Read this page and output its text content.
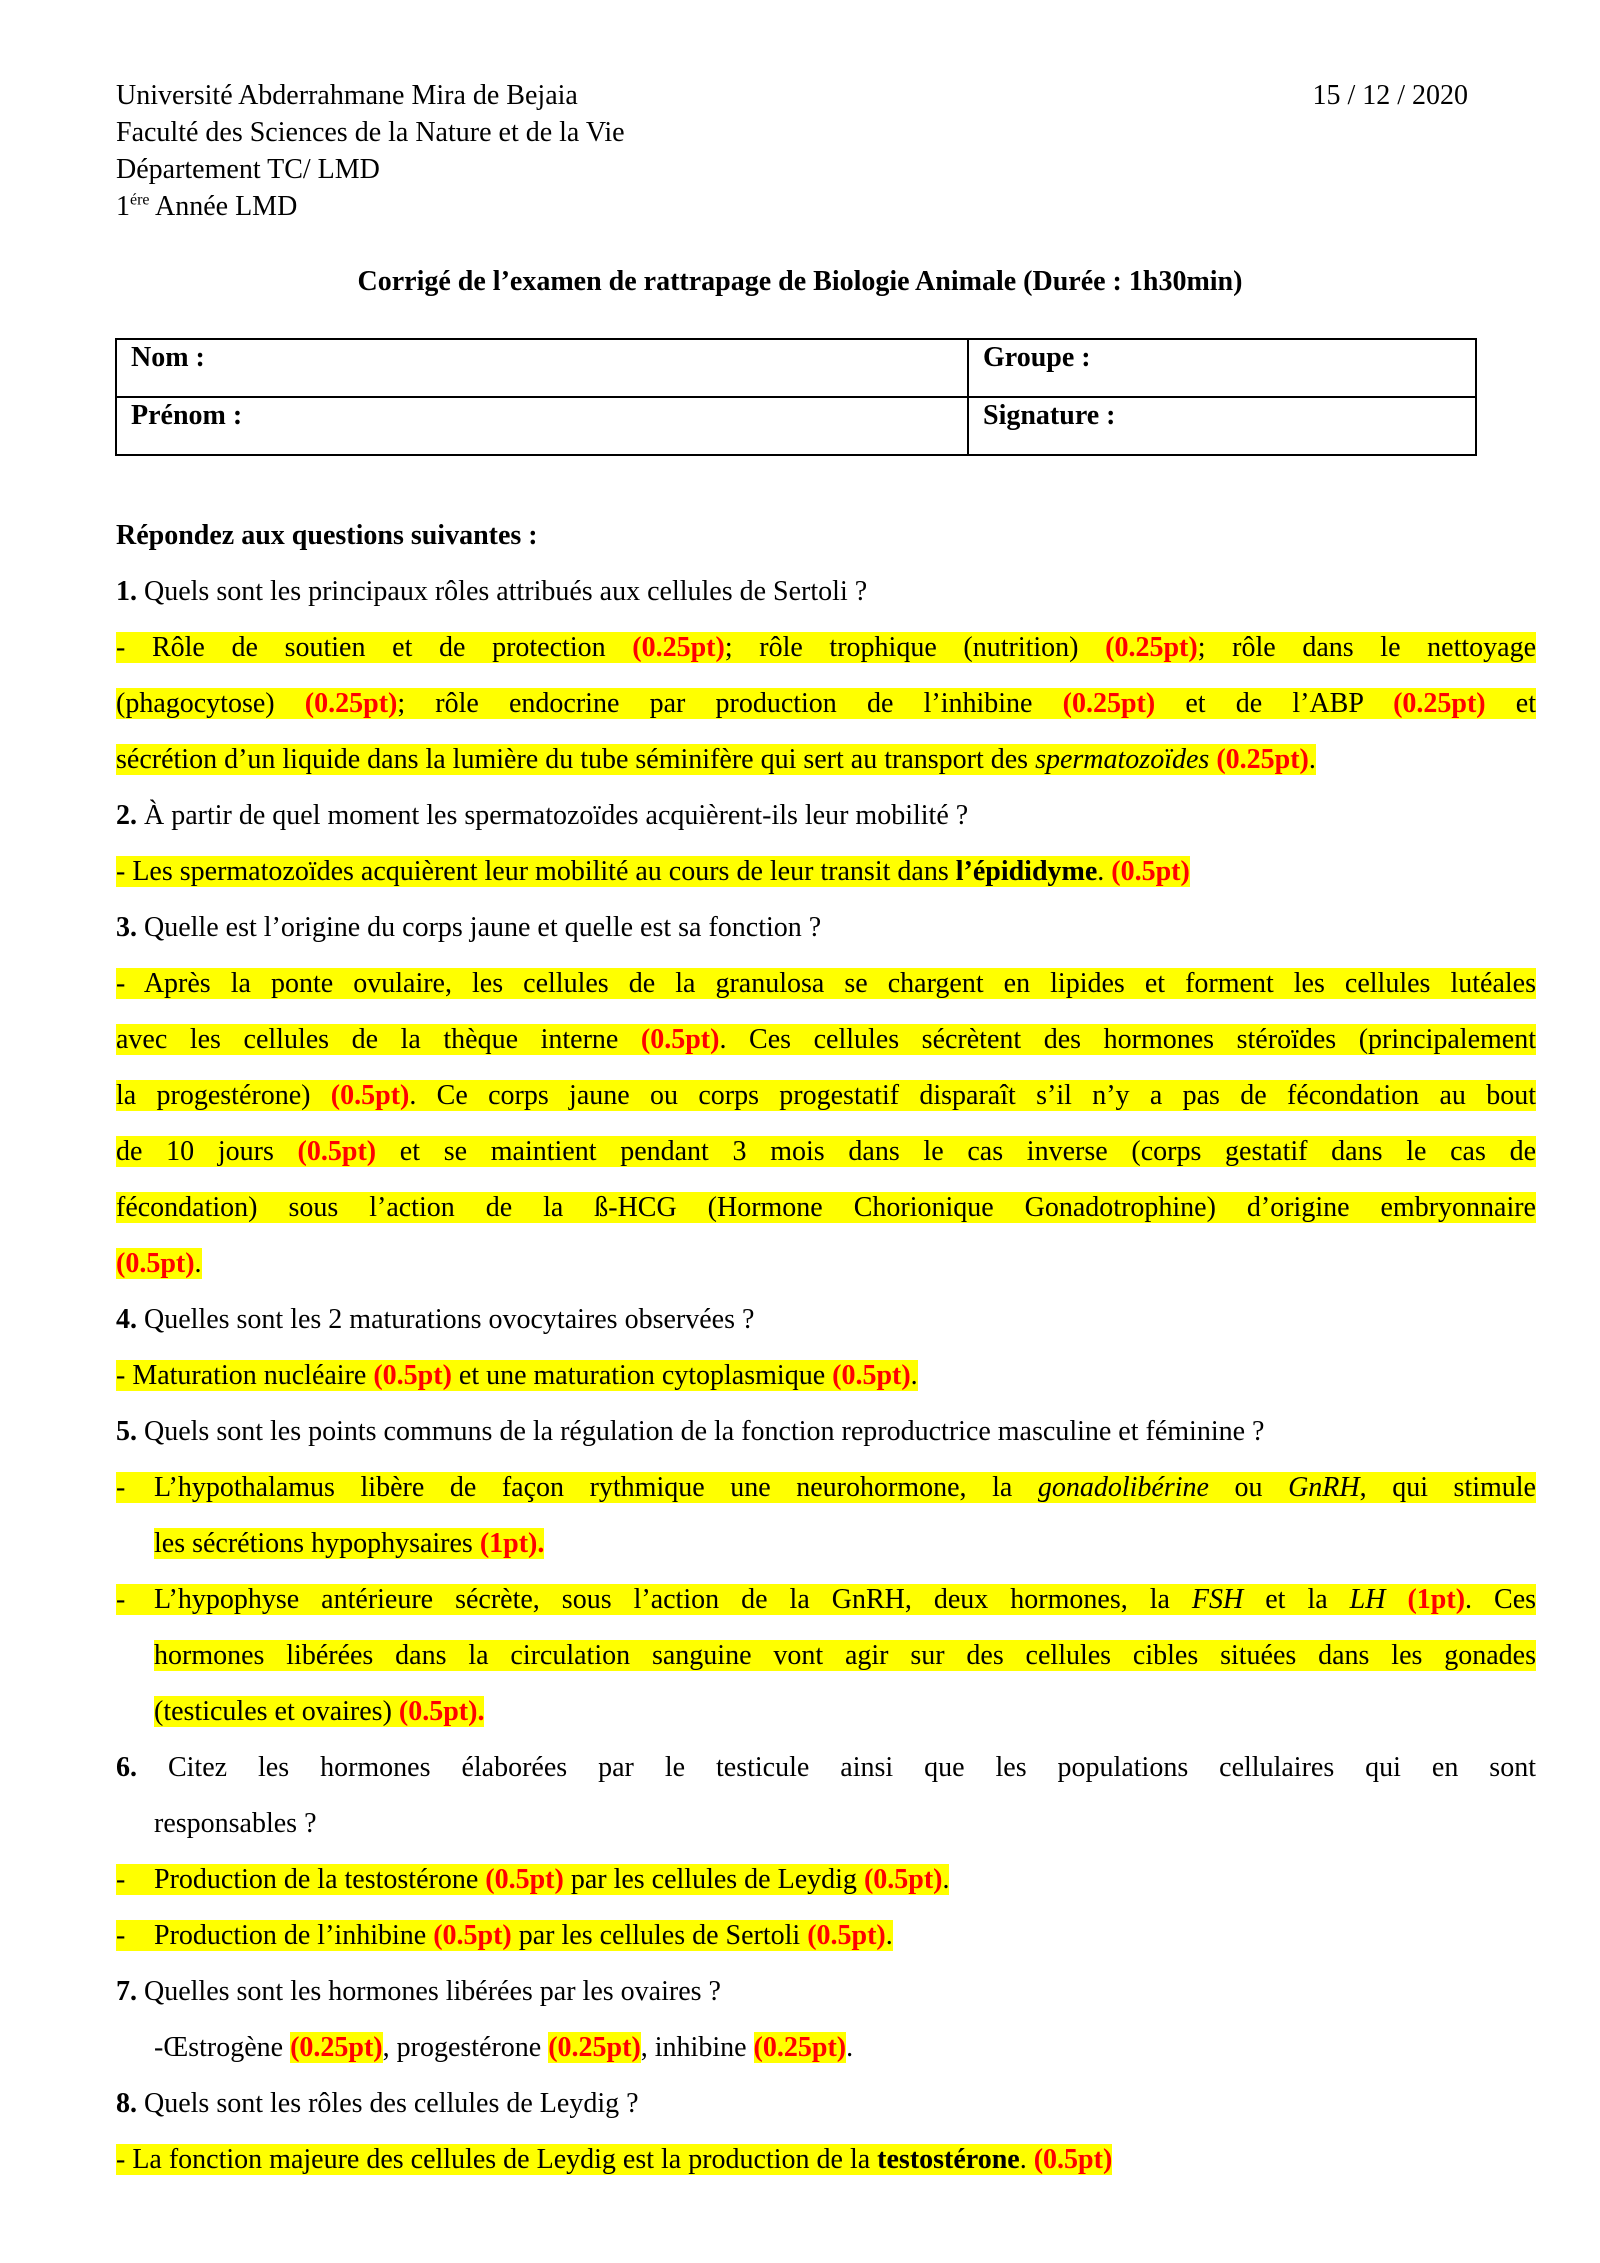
Université Abderrahmane Mira de Bejaia
Faculté des Sciences de la Nature et de la Vie
Département TC/ LMD
$1^{ére}$ Année LMD
15 / 12 / 2020
Corrigé de l’examen de rattrapage de Biologie Animale (Durée : 1h30min)
Nom :	Groupe :
Prénom :	Signature :
Répondez aux questions suivantes :
1. Quels sont les principaux rôles attribués aux cellules de Sertoli ?
- Rôle de soutien et de protection (0.25pt); rôle trophique (nutrition) (0.25pt); rôle dans le nettoyage
(phagocytose) (0.25pt); rôle endocrine par production de l’inhibine (0.25pt) et de l’ABP (0.25pt) et
sécrétion d’un liquide dans la lumière du tube séminifère qui sert au transport des spermatozoïdes (0.25pt).
2. À partir de quel moment les spermatozoïdes acquièrent-ils leur mobilité ?
- Les spermatozoïdes acquièrent leur mobilité au cours de leur transit dans l’épididyme. (0.5pt)
3. Quelle est l’origine du corps jaune et quelle est sa fonction ?
- Après la ponte ovulaire, les cellules de la granulosa se chargent en lipides et forment les cellules lutéales
avec les cellules de la thèque interne (0.5pt). Ces cellules sécrètent des hormones stéroïdes (principalement
la progestérone) (0.5pt). Ce corps jaune ou corps progestatif disparaît s’il n’y a pas de fécondation au bout
de 10 jours (0.5pt) et se maintient pendant 3 mois dans le cas inverse (corps gestatif dans le cas de
fécondation) sous l’action de la ß-HCG (Hormone Chorionique Gonadotrophine) d’origine embryonnaire
(0.5pt).
4. Quelles sont les 2 maturations ovocytaires observées ?
- Maturation nucléaire (0.5pt) et une maturation cytoplasmique (0.5pt).
5. Quels sont les points communs de la régulation de la fonction reproductrice masculine et féminine ?
- L’hypothalamus libère de façon rythmique une neurohormone, la gonadolibérine ou GnRH, qui stimule
les sécrétions hypophysaires (1pt).
- L’hypophyse antérieure sécrète, sous l’action de la GnRH, deux hormones, la FSH et la LH (1pt). Ces
hormones libérées dans la circulation sanguine vont agir sur des cellules cibles situées dans les gonades
(testicules et ovaires) (0.5pt).
6. Citez les hormones élaborées par le testicule ainsi que les populations cellulaires qui en sont
responsables ?
- Production de la testostérone (0.5pt) par les cellules de Leydig (0.5pt).
- Production de l’inhibine (0.5pt) par les cellules de Sertoli (0.5pt).
7. Quelles sont les hormones libérées par les ovaires ?
-Œstrogène (0.25pt), progestérone (0.25pt), inhibine (0.25pt).
8. Quels sont les rôles des cellules de Leydig ?
- La fonction majeure des cellules de Leydig est la production de la testostérone. (0.5pt)
